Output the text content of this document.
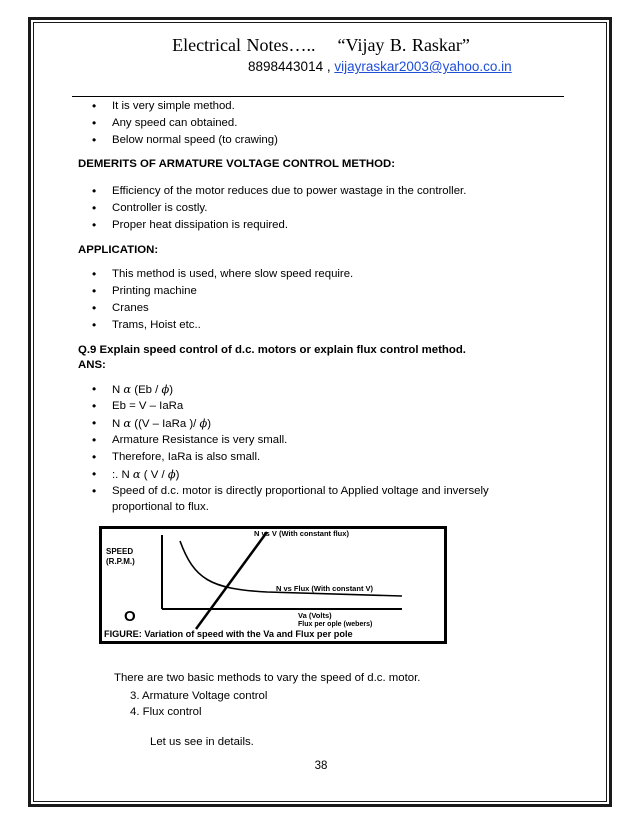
Electrical Notes….. “Vijay B. Raskar”
8898443014 , vijayraskar2003@yahoo.co.in
• It is very simple method.
• Any speed can obtained.
• Below normal speed (to crawing)
DEMERITS OF ARMATURE VOLTAGE CONTROL METHOD:
• Efficiency of the motor reduces due to power wastage in the controller.
• Controller is costly.
• Proper heat dissipation is required.
APPLICATION:
• This method is used, where slow speed require.
• Printing machine
• Cranes
• Trams, Hoist etc..
Q.9 Explain speed control of d.c. motors or explain flux control method.
ANS:
• N α (Eb / ϕ)
• Eb = V – IaRa
• N α ((V – IaRa )/ ϕ)
• Armature Resistance is very small.
• Therefore, IaRa is also small.
• :. N α ( V / ϕ)
• Speed of d.c. motor is directly proportional to Applied voltage and inversely proportional to flux.
SPEED
(R.P.M.)
O
N vs V (With constant flux)
N vs Flux (With constant V)
Va (Volts)
Flux per ople (webers)
FIGURE: Variation of speed with the Va and Flux per pole
There are two basic methods to vary the speed of d.c. motor.
3. Armature Voltage control
4. Flux control
Let us see in details.
38
